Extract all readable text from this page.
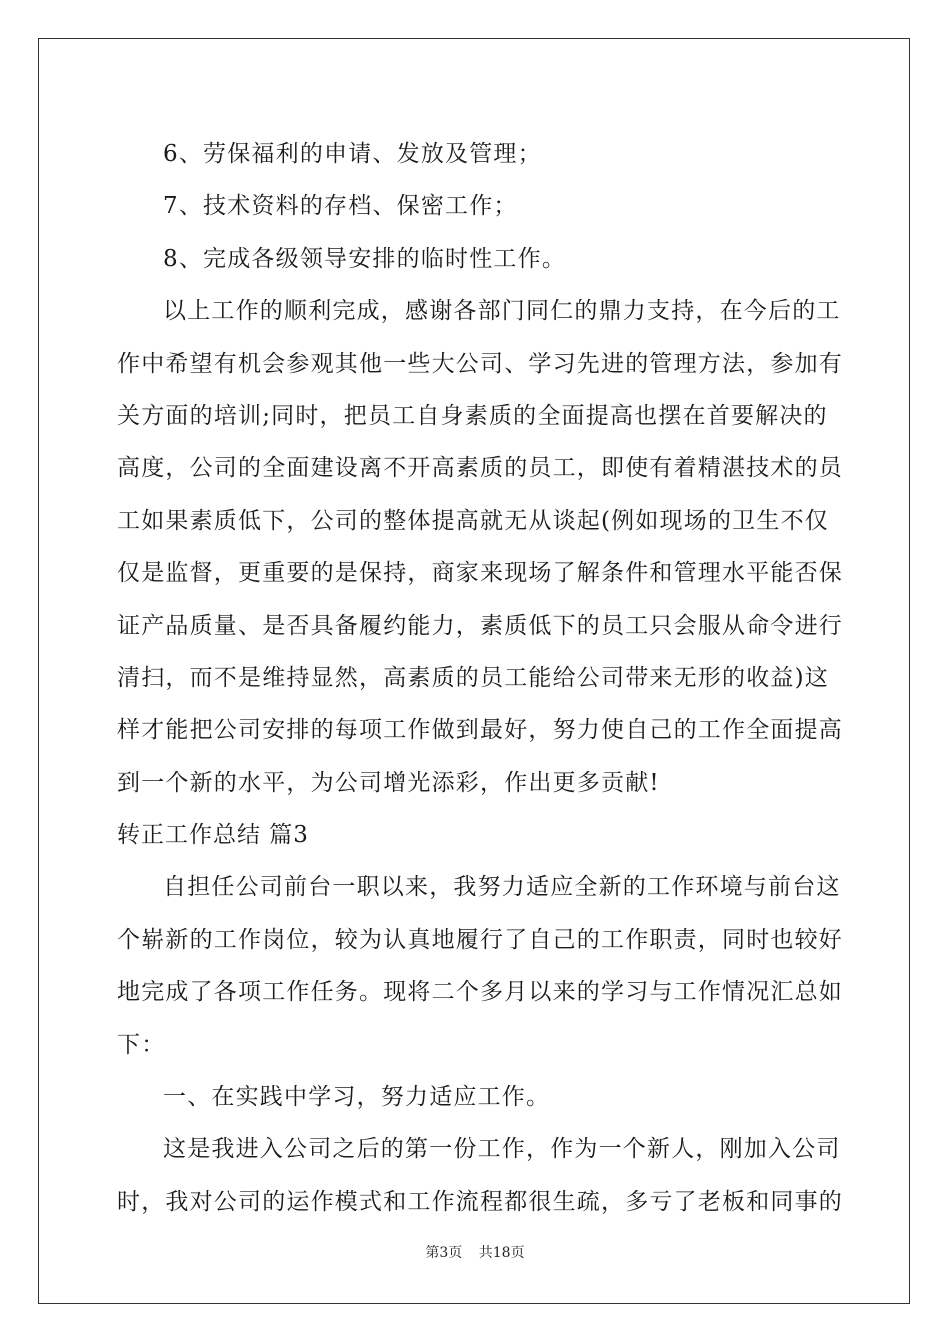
6、劳保福利的申请、发放及管理；
7、技术资料的存档、保密工作；
8、完成各级领导安排的临时性工作。
以上工作的顺利完成，感谢各部门同仁的鼎力支持，在今后的工
作中希望有机会参观其他一些大公司、学习先进的管理方法，参加有
关方面的培训;同时，把员工自身素质的全面提高也摆在首要解决的
高度，公司的全面建设离不开高素质的员工，即使有着精湛技术的员
工如果素质低下，公司的整体提高就无从谈起(例如现场的卫生不仅
仅是监督，更重要的是保持，商家来现场了解条件和管理水平能否保
证产品质量、是否具备履约能力，素质低下的员工只会服从命令进行
清扫，而不是维持显然，高素质的员工能给公司带来无形的收益)这
样才能把公司安排的每项工作做到最好，努力使自己的工作全面提高
到一个新的水平，为公司增光添彩，作出更多贡献!
转正工作总结 篇3
自担任公司前台一职以来，我努力适应全新的工作环境与前台这
个崭新的工作岗位，较为认真地履行了自己的工作职责，同时也较好
地完成了各项工作任务。现将二个多月以来的学习与工作情况汇总如
下：
一、在实践中学习，努力适应工作。
这是我进入公司之后的第一份工作，作为一个新人，刚加入公司
时，我对公司的运作模式和工作流程都很生疏，多亏了老板和同事的
第3页 共18页
